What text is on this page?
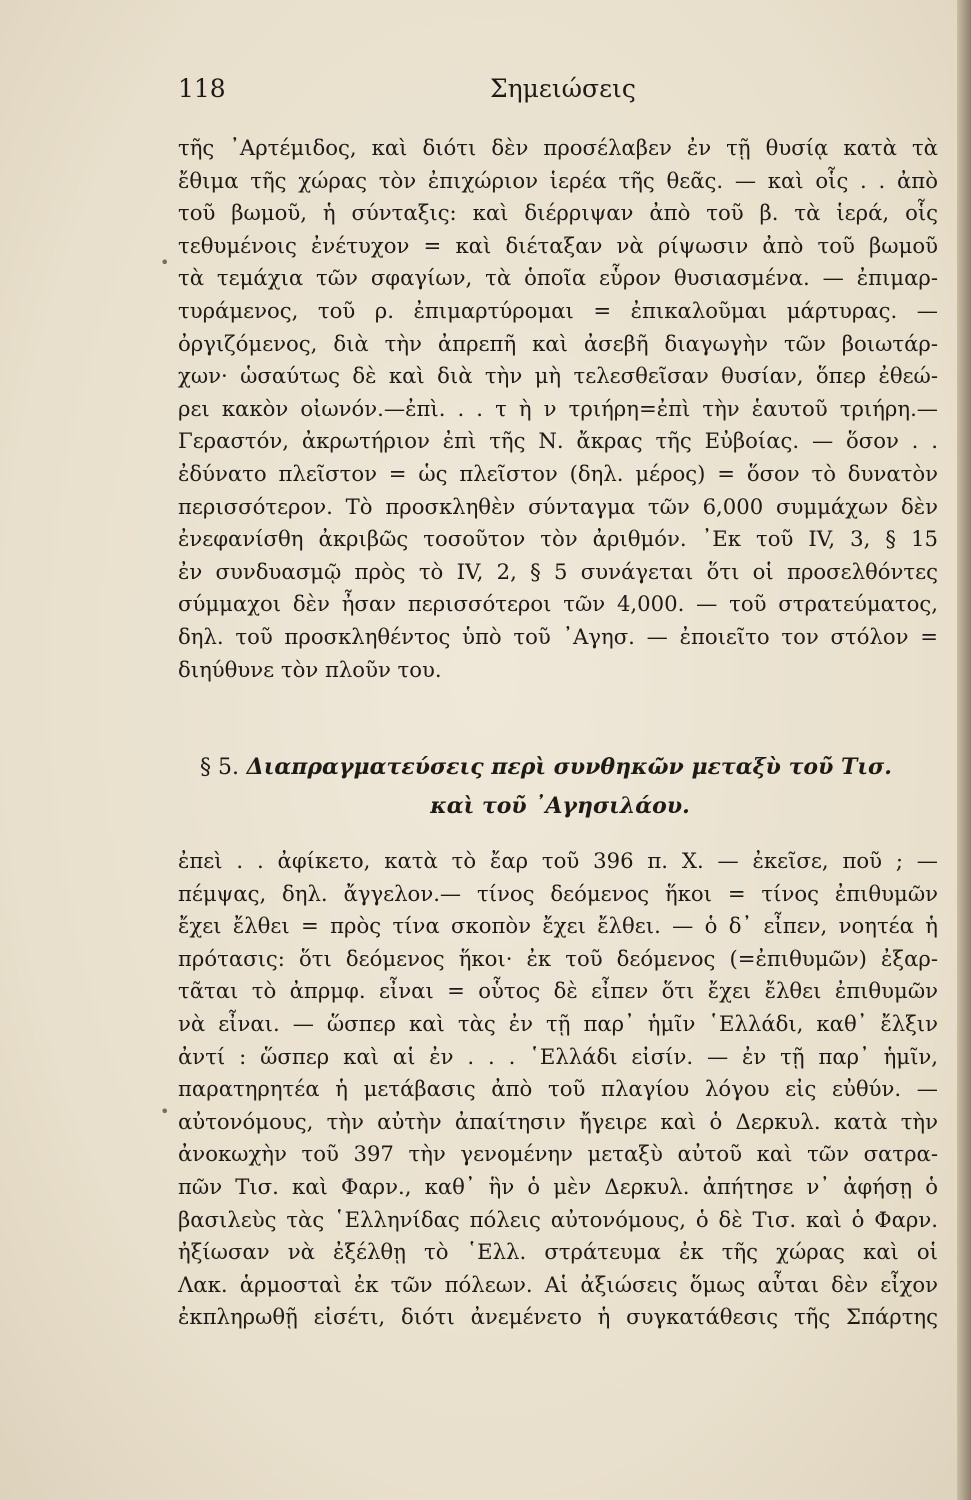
118	Σημειώσεις
•
τῆς ᾿Αρτέμιδος, καὶ διότι δὲν προσέλαβεν ἐν τῇ θυσίᾳ κατὰ τὰ
ἔθιμα τῆς χώρας τὸν ἐπιχώριον ἱερέα τῆς θεᾶς. — καὶ οἷς . . ἀπὸ
τοῦ βωμοῦ, ἡ σύνταξις: καὶ διέρριψαν ἀπὸ τοῦ β. τὰ ἱερά, οἷς
τεθυμένοις ἐνέτυχον = καὶ διέταξαν νὰ ρίψωσιν ἀπὸ τοῦ βωμοῦ
τὰ τεμάχια τῶν σφαγίων, τὰ ὁποῖα εὗρον θυσιασμένα. — ἐπιμαρ-
τυράμενος, τοῦ ρ. ἐπιμαρτύρομαι = ἐπικαλοῦμαι μάρτυρας. —
ὀργιζόμενος, διὰ τὴν ἀπρεπῆ καὶ ἀσεβῆ διαγωγὴν τῶν βοιωτάρ-
χων· ὡσαύτως δὲ καὶ διὰ τὴν μὴ τελεσθεῖσαν θυσίαν, ὅπερ ἐθεώ-
ρει κακὸν οἰωνόν.—ἐπὶ. . . τ ὴ ν τριήρη=ἐπὶ τὴν ἑαυτοῦ τριήρη.—
Γεραστόν, ἀκρωτήριον ἐπὶ τῆς Ν. ἄκρας τῆς Εὐβοίας. — ὅσον . .
ἐδύνατο πλεῖστον = ὡς πλεῖστον (δηλ. μέρος) = ὅσον τὸ δυνατὸν
περισσότερον. Τὸ προσκληθὲν σύνταγμα τῶν 6,000 συμμάχων δὲν
ἐνεφανίσθη ἀκριβῶς τοσοῦτον τὸν ἀριθμόν. ᾿Εκ τοῦ IV, 3, § 15
ἐν συνδυασμῷ πρὸς τὸ IV, 2, § 5 συνάγεται ὅτι οἱ προσελθόντες
σύμμαχοι δὲν ἦσαν περισσότεροι τῶν 4,000. — τοῦ στρατεύματος,
δηλ. τοῦ προσκληθέντος ὑπὸ τοῦ ᾿Αγησ. — ἐποιεῖτο τον στόλον =
διηύθυνε τὸν πλοῦν του.
§ 5. Διαπραγματεύσεις περὶ συνθηκῶν μεταξὺ τοῦ Τισ.
καὶ τοῦ ᾿Αγησιλάου.
•
ἐπεὶ . . ἀφίκετο, κατὰ τὸ ἔαρ τοῦ 396 π. Χ. — ἐκεῖσε, ποῦ ; —
πέμψας, δηλ. ἄγγελον.— τίνος δεόμενος ἥκοι = τίνος ἐπιθυμῶν
ἔχει ἔλθει = πρὸς τίνα σκοπὸν ἔχει ἔλθει. — ὁ δ᾿ εἶπεν, νοητέα ἡ
πρότασις: ὅτι δεόμενος ἥκοι· ἐκ τοῦ δεόμενος (=ἐπιθυμῶν) ἐξαρ-
τᾶται τὸ ἀπρμφ. εἶναι = οὗτος δὲ εἶπεν ὅτι ἔχει ἔλθει ἐπιθυμῶν
νὰ εἶναι. — ὥσπερ καὶ τὰς ἐν τῇ παρ᾿ ἡμῖν ῾Ελλάδι, καθ᾿ ἔλξιν
ἀντί : ὥσπερ καὶ αἱ ἐν . . . ῾Ελλάδι εἰσίν. — ἐν τῇ παρ᾿ ἡμῖν,
παρατηρητέα ἡ μετάβασις ἀπὸ τοῦ πλαγίου λόγου εἰς εὐθύν. —
αὐτονόμους, τὴν αὐτὴν ἀπαίτησιν ἤγειρε καὶ ὁ Δερκυλ. κατὰ τὴν
ἀνοκωχὴν τοῦ 397 τὴν γενομένην μεταξὺ αὐτοῦ καὶ τῶν σατρα-
πῶν Τισ. καὶ Φαρν., καθ᾿ ἣν ὁ μὲν Δερκυλ. ἀπήτησε ν᾿ ἀφήσῃ ὁ
βασιλεὺς τὰς ῾Ελληνίδας πόλεις αὐτονόμους, ὁ δὲ Τισ. καὶ ὁ Φαρν.
ἠξίωσαν νὰ ἐξέλθῃ τὸ ῾Ελλ. στράτευμα ἐκ τῆς χώρας καὶ οἱ
Λακ. ἁρμοσταὶ ἐκ τῶν πόλεων. Αἱ ἀξιώσεις ὅμως αὗται δὲν εἶχον
ἐκπληρωθῇ εἰσέτι, διότι ἀνεμένετο ἡ συγκατάθεσις τῆς Σπάρτης
